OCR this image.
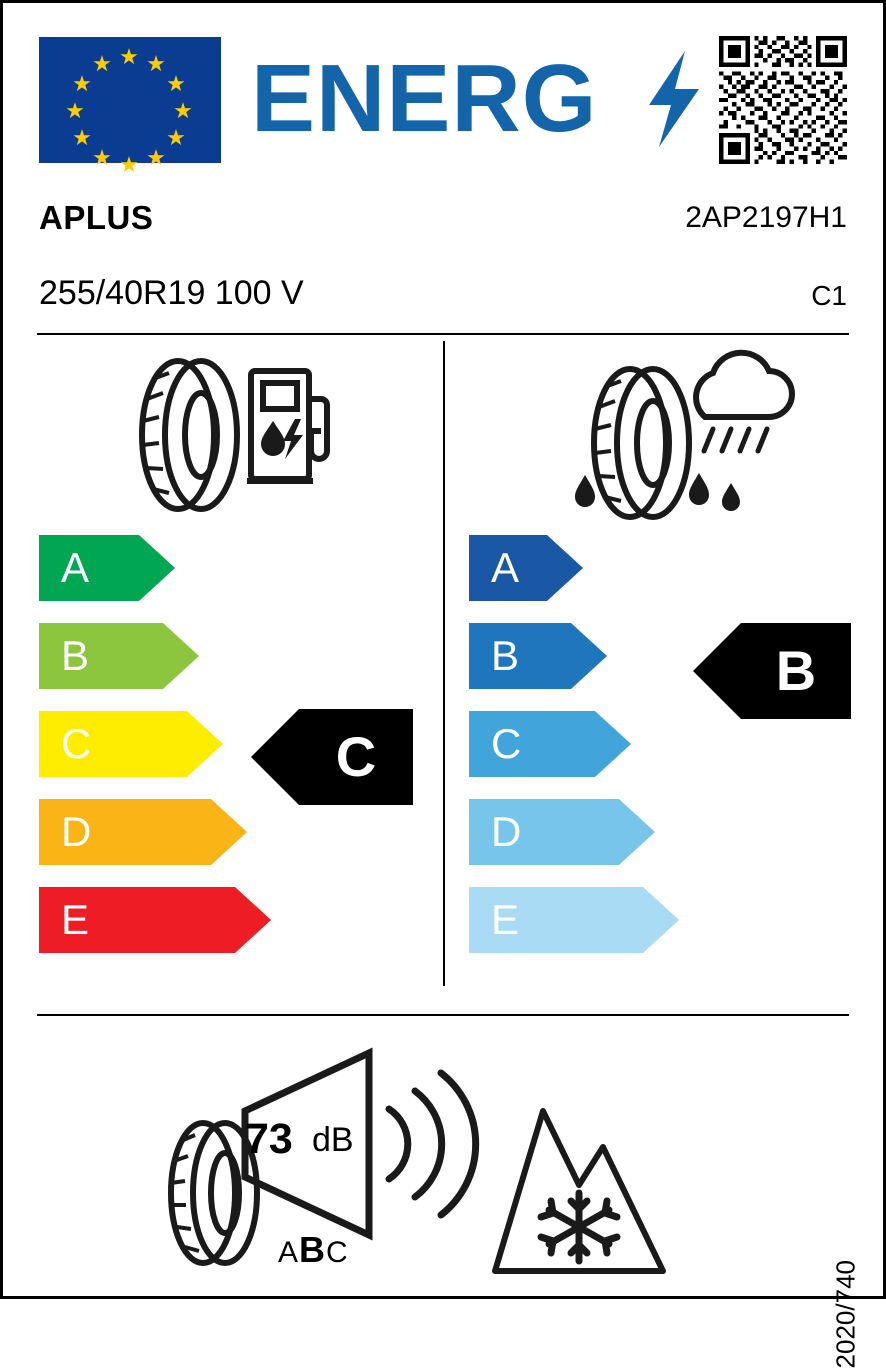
★ ★
★
★
★
★
★
★
★
★
★
★ ENERG
APLUS	2AP2197H1
255/40R19 100 V	C1
A
B
C
D
E
C
A
B
C
D
E
B
73 dB
ABC
2020/740
